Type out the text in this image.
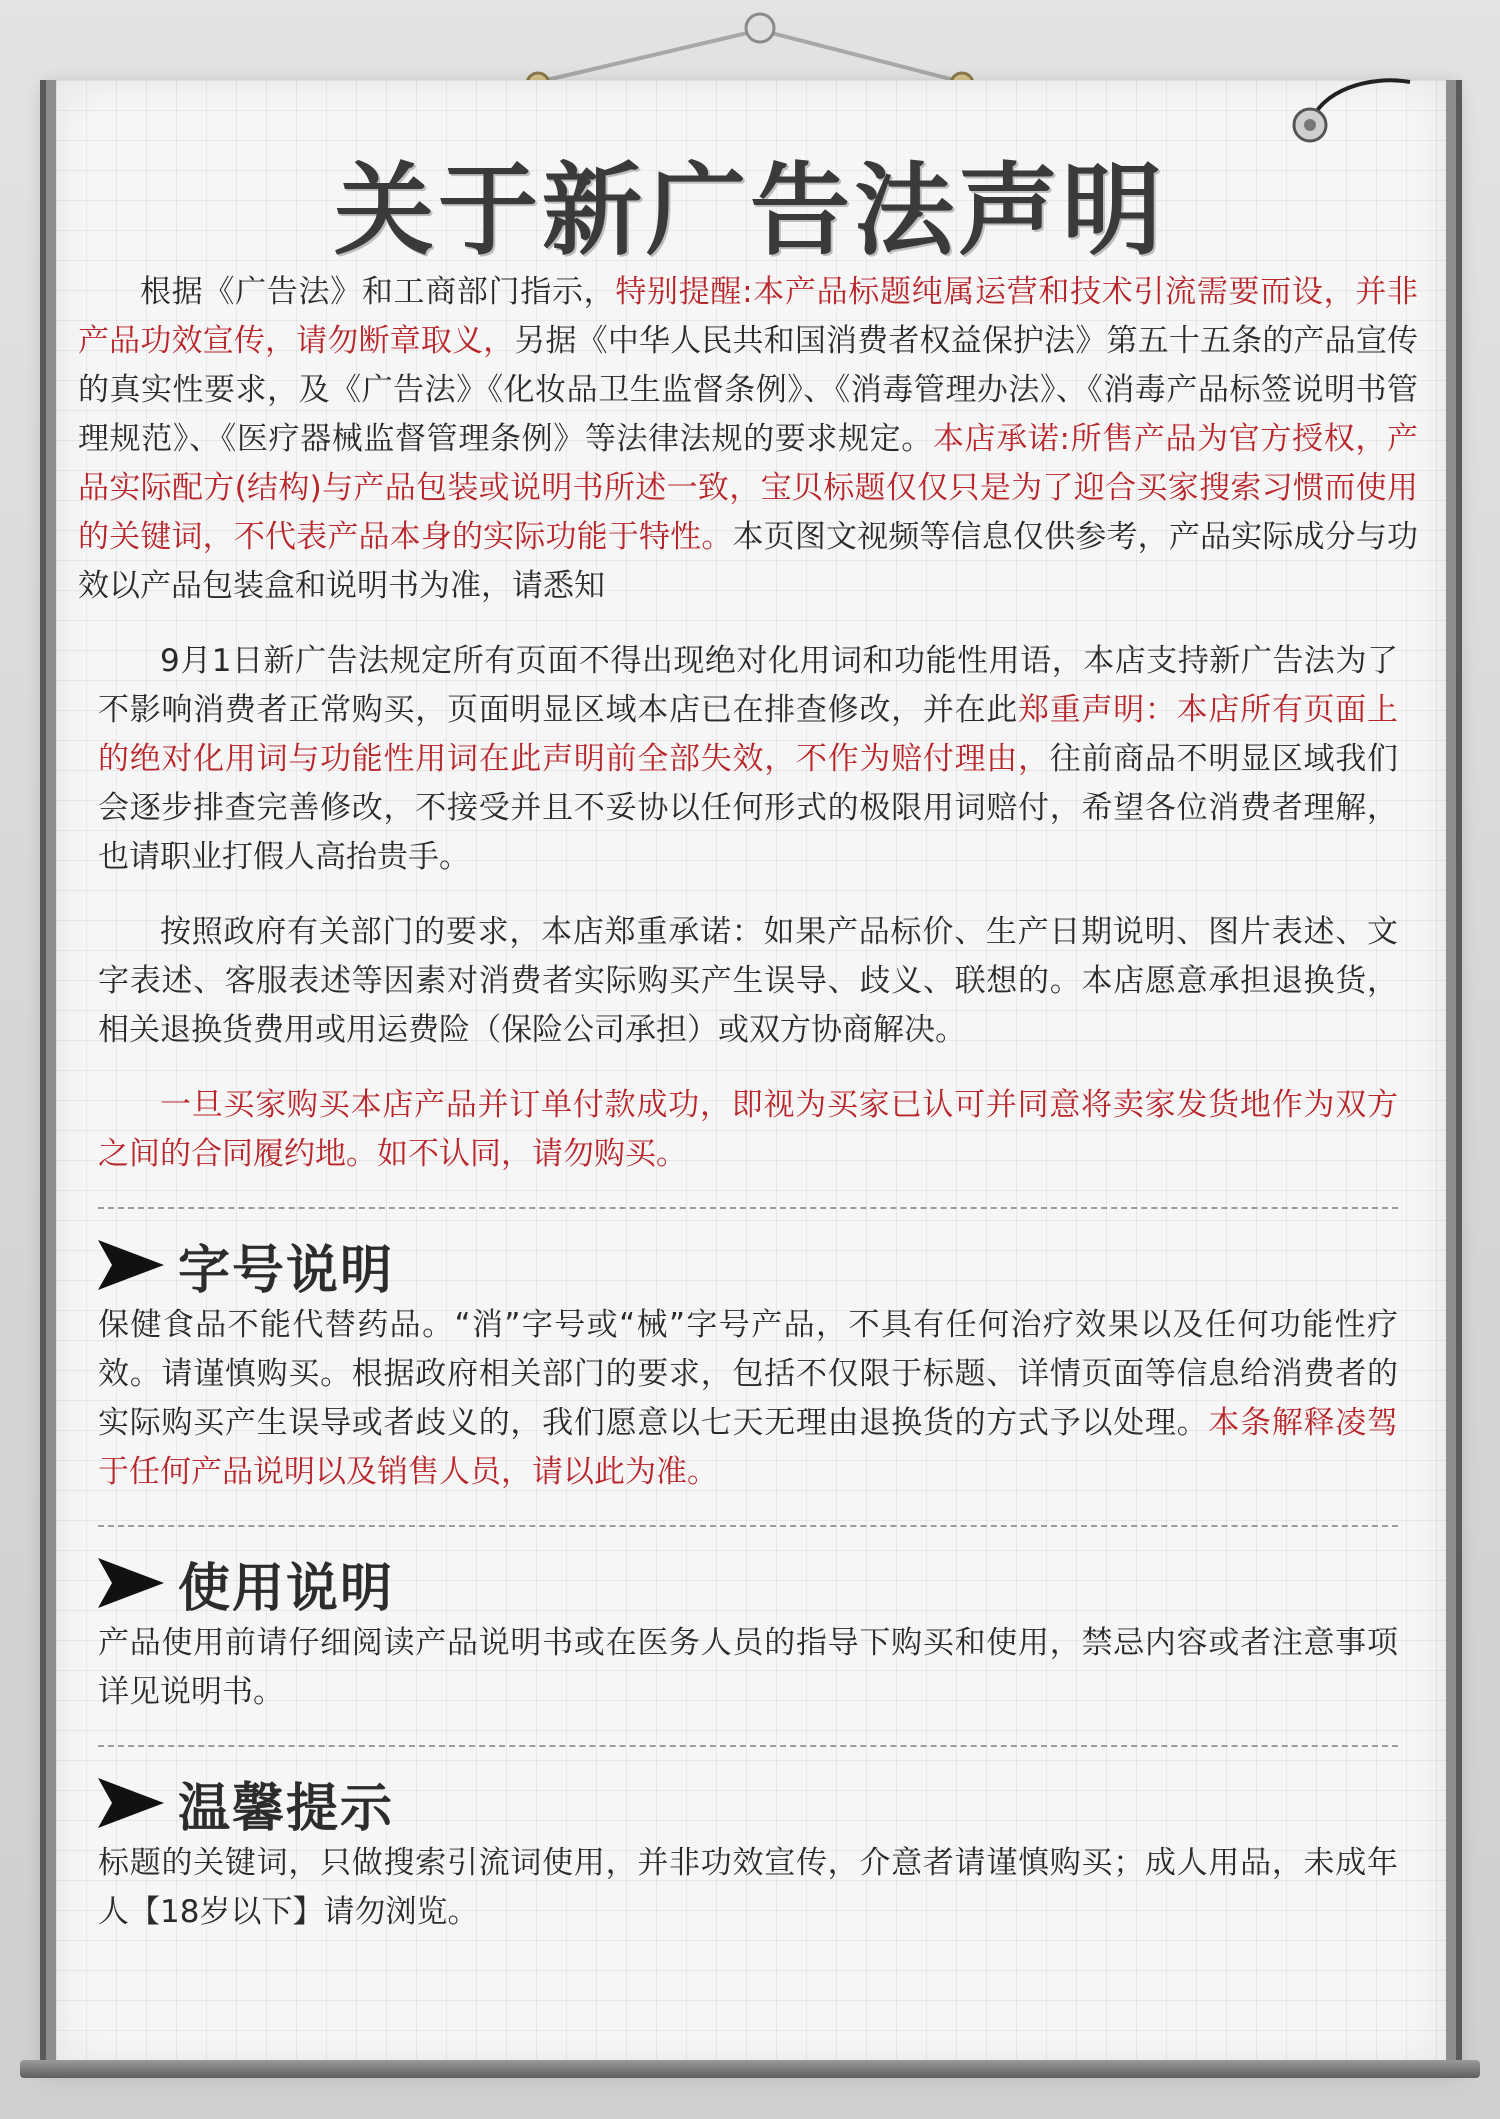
关于新广告法声明

根据《广告法》和工商部门指示，特别提醒:本产品标题纯属运营和技术引流需要而设，并非产品功效宣传，请勿断章取义，另据《中华人民共和国消费者权益保护法》第五十五条的产品宣传的真实性要求，及《广告法》《化妆品卫生监督条例》、《消毒管理办法》、《消毒产品标签说明书管理规范》、《医疗器械监督管理条例》等法律法规的要求规定。本店承诺:所售产品为官方授权，产品实际配方(结构)与产品包装或说明书所述一致，宝贝标题仅仅只是为了迎合买家搜索习惯而使用的关键词，不代表产品本身的实际功能于特性。本页图文视频等信息仅供参考，产品实际成分与功效以产品包装盒和说明书为准，请悉知

9月1日新广告法规定所有页面不得出现绝对化用词和功能性用语，本店支持新广告法为了不影响消费者正常购买，页面明显区域本店已在排查修改，并在此郑重声明：本店所有页面上的绝对化用词与功能性用词在此声明前全部失效，不作为赔付理由，往前商品不明显区域我们会逐步排查完善修改，不接受并且不妥协以任何形式的极限用词赔付，希望各位消费者理解，也请职业打假人高抬贵手。

按照政府有关部门的要求，本店郑重承诺：如果产品标价、生产日期说明、图片表述、文字表述、客服表述等因素对消费者实际购买产生误导、歧义、联想的。本店愿意承担退换货，相关退换货费用或用运费险（保险公司承担）或双方协商解决。

一旦买家购买本店产品并订单付款成功，即视为买家已认可并同意将卖家发货地作为双方之间的合同履约地。如不认同，请勿购买。

字号说明

保健食品不能代替药品。“消”字号或“械”字号产品，不具有任何治疗效果以及任何功能性疗效。请谨慎购买。根据政府相关部门的要求，包括不仅限于标题、详情页面等信息给消费者的实际购买产生误导或者歧义的，我们愿意以七天无理由退换货的方式予以处理。本条解释凌驾于任何产品说明以及销售人员，请以此为准。

使用说明

产品使用前请仔细阅读产品说明书或在医务人员的指导下购买和使用，禁忌内容或者注意事项详见说明书。

温馨提示

标题的关键词，只做搜索引流词使用，并非功效宣传，介意者请谨慎购买；成人用品，未成年人【18岁以下】请勿浏览。
